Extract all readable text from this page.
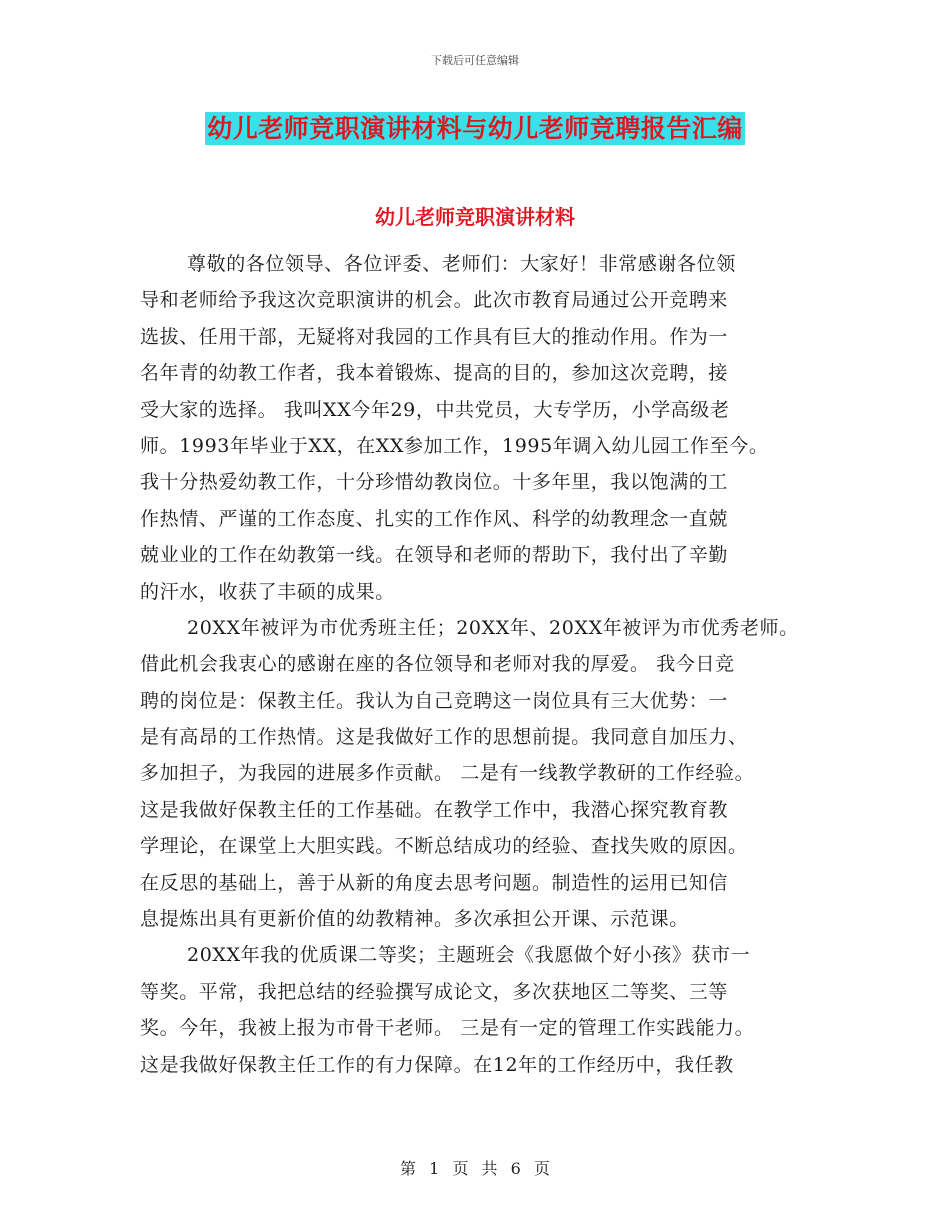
下载后可任意编辑
幼儿老师竞职演讲材料与幼儿老师竞聘报告汇编
幼儿老师竞职演讲材料
尊敬的各位领导、各位评委、老师们：大家好！非常感谢各位领
导和老师给予我这次竞职演讲的机会。此次市教育局通过公开竞聘来
选拔、任用干部，无疑将对我园的工作具有巨大的推动作用。作为一
名年青的幼教工作者，我本着锻炼、提高的目的，参加这次竞聘，接
受大家的选择。 我叫XX今年29，中共党员，大专学历，小学高级老
师。1993年毕业于XX，在XX参加工作，1995年调入幼儿园工作至今。
我十分热爱幼教工作，十分珍惜幼教岗位。十多年里，我以饱满的工
作热情、严谨的工作态度、扎实的工作作风、科学的幼教理念一直兢
兢业业的工作在幼教第一线。在领导和老师的帮助下，我付出了辛勤
的汗水，收获了丰硕的成果。
20XX年被评为市优秀班主任；20XX年、20XX年被评为市优秀老师。
借此机会我衷心的感谢在座的各位领导和老师对我的厚爱。 我今日竞
聘的岗位是：保教主任。我认为自己竞聘这一岗位具有三大优势：一
是有高昂的工作热情。这是我做好工作的思想前提。我同意自加压力、
多加担子，为我园的进展多作贡献。 二是有一线教学教研的工作经验。
这是我做好保教主任的工作基础。在教学工作中，我潜心探究教育教
学理论，在课堂上大胆实践。不断总结成功的经验、查找失败的原因。
在反思的基础上，善于从新的角度去思考问题。制造性的运用已知信
息提炼出具有更新价值的幼教精神。多次承担公开课、示范课。
20XX年我的优质课二等奖；主题班会《我愿做个好小孩》获市一
等奖。平常，我把总结的经验撰写成论文，多次获地区二等奖、三等
奖。今年，我被上报为市骨干老师。 三是有一定的管理工作实践能力。
这是我做好保教主任工作的有力保障。在12年的工作经历中，我任教
第 1 页 共 6 页
